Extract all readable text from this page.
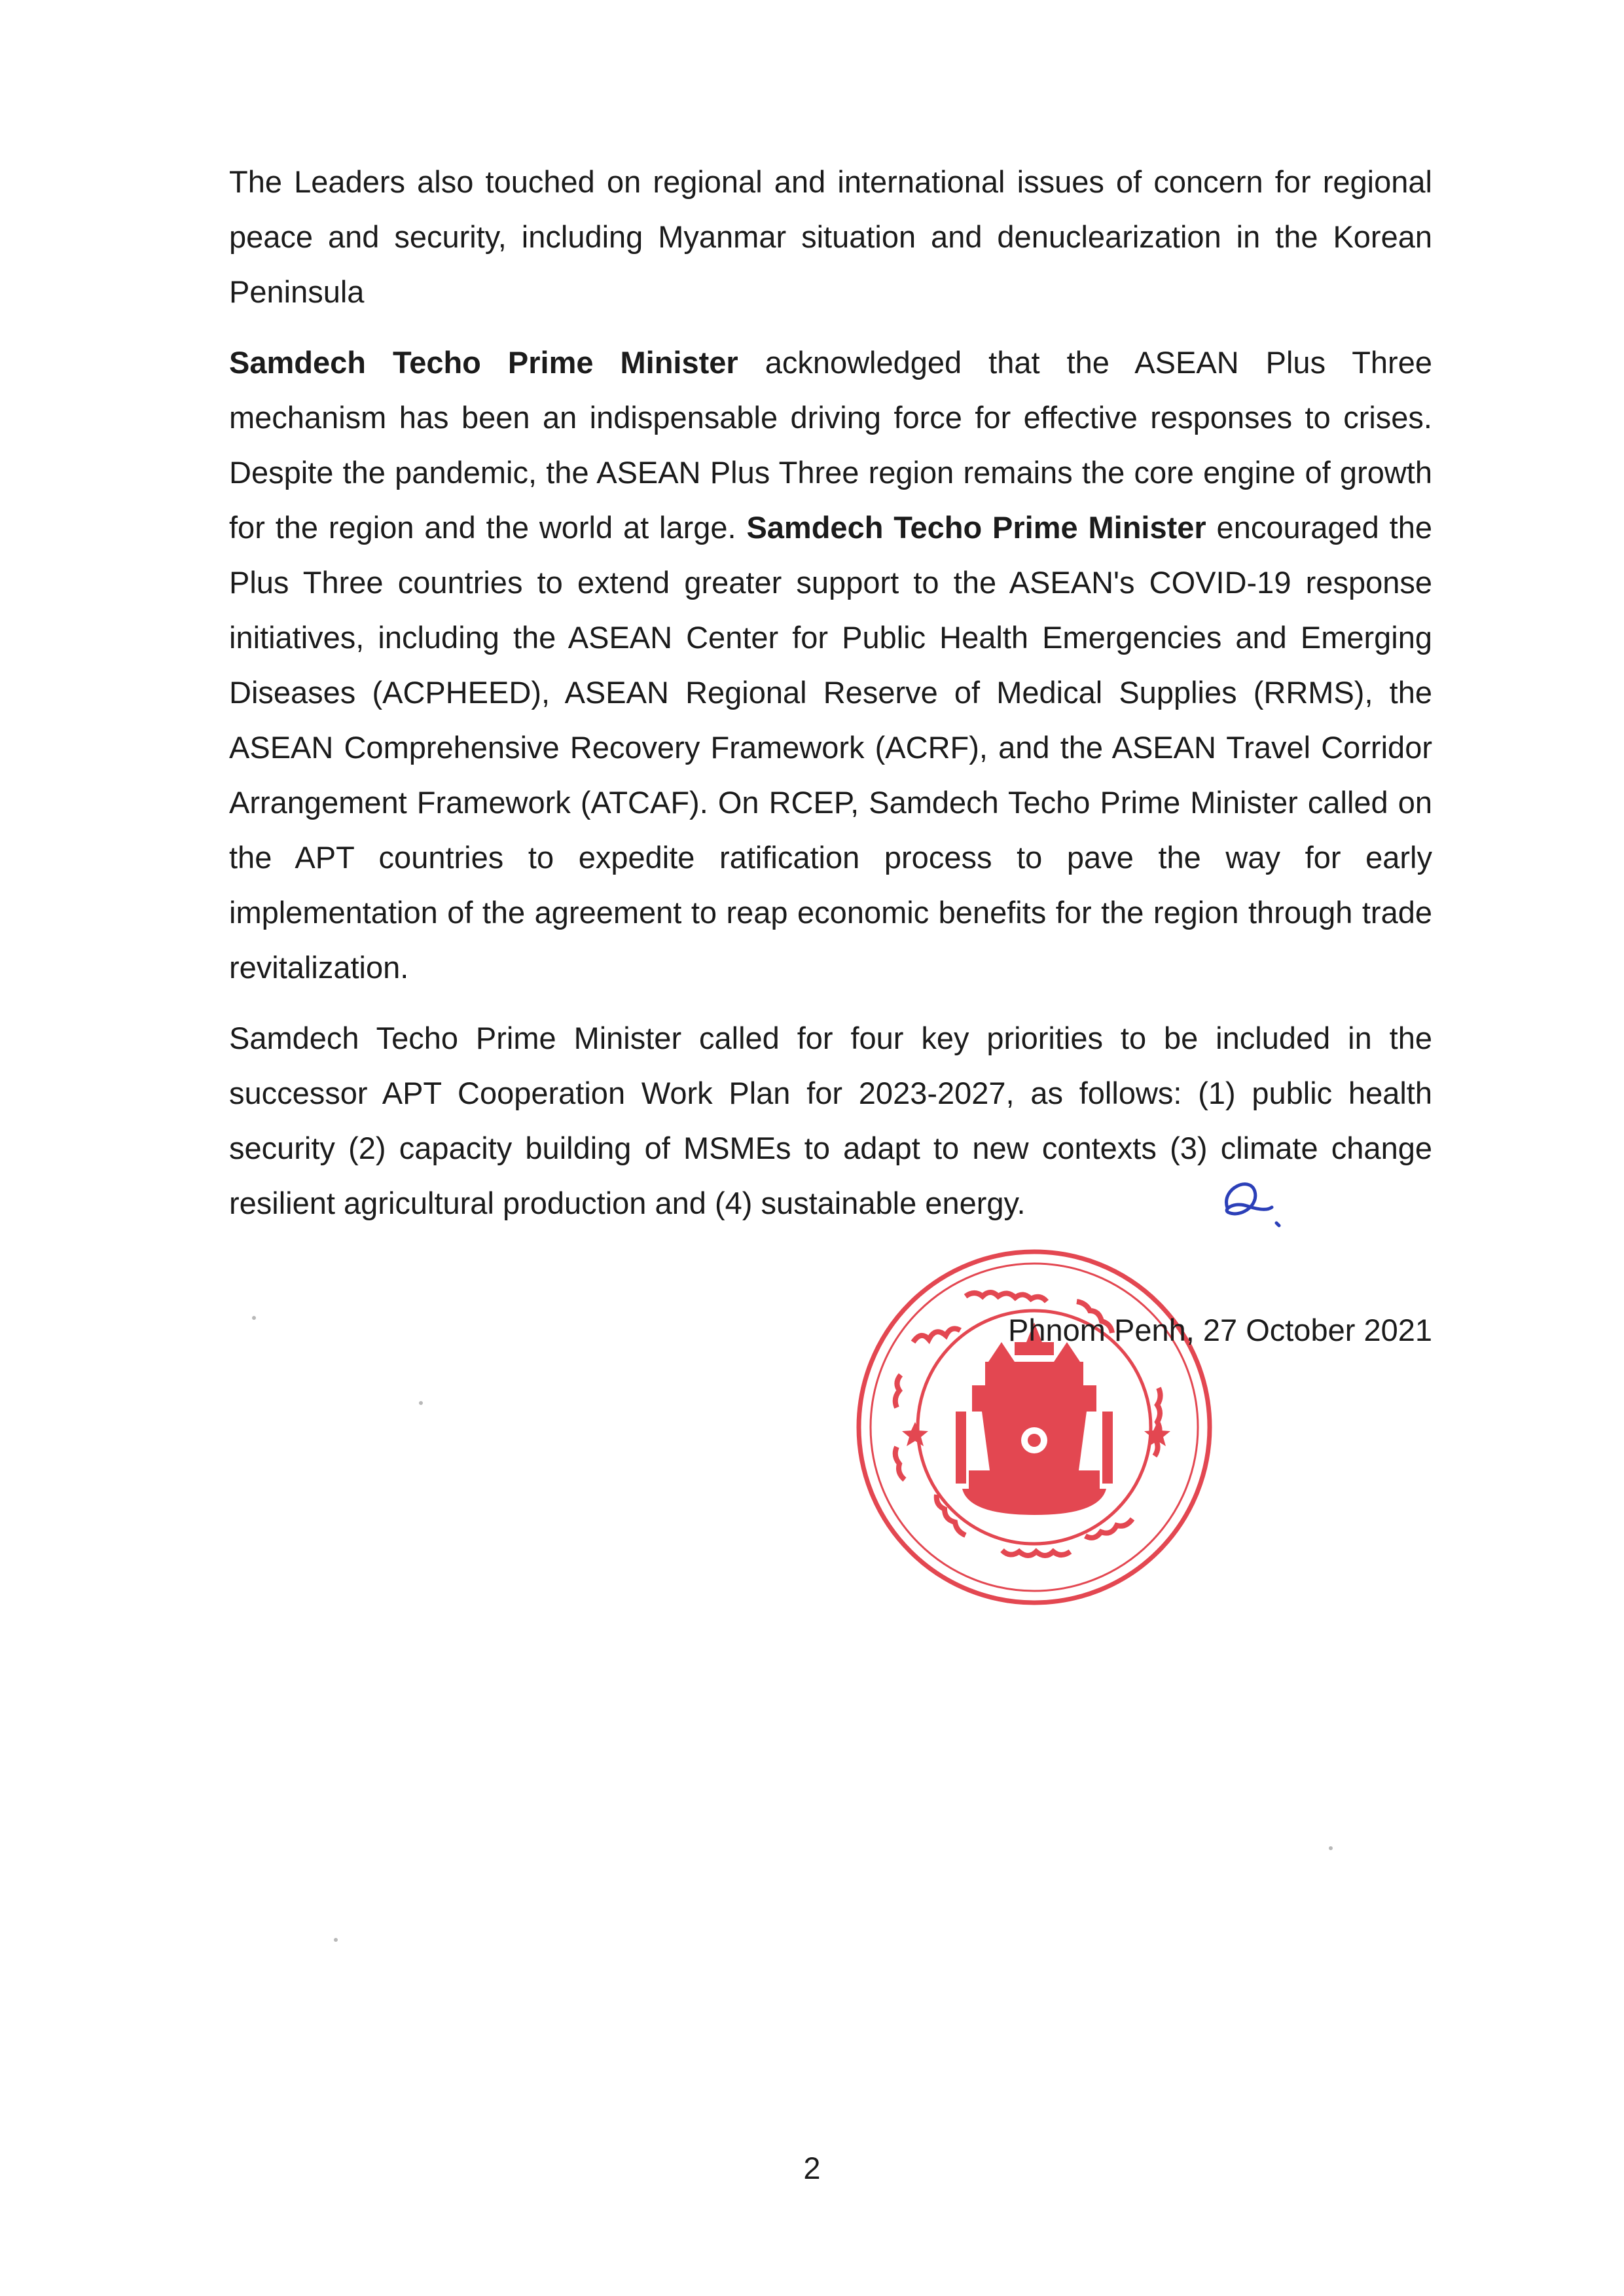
The Leaders also touched on regional and international issues of concern for regional peace and security, including Myanmar situation and denuclearization in the Korean Peninsula

Samdech Techo Prime Minister acknowledged that the ASEAN Plus Three mechanism has been an indispensable driving force for effective responses to crises. Despite the pandemic, the ASEAN Plus Three region remains the core engine of growth for the region and the world at large. Samdech Techo Prime Minister encouraged the Plus Three countries to extend greater support to the ASEAN's COVID-19 response initiatives, including the ASEAN Center for Public Health Emergencies and Emerging Diseases (ACPHEED), ASEAN Regional Reserve of Medical Supplies (RRMS), the ASEAN Comprehensive Recovery Framework (ACRF), and the ASEAN Travel Corridor Arrangement Framework (ATCAF). On RCEP, Samdech Techo Prime Minister called on the APT countries to expedite ratification process to pave the way for early implementation of the agreement to reap economic benefits for the region through trade revitalization.

Samdech Techo Prime Minister called for four key priorities to be included in the successor APT Cooperation Work Plan for 2023-2027, as follows: (1) public health security (2) capacity building of MSMEs to adapt to new contexts (3) climate change resilient agricultural production and (4) sustainable energy.

Phnom Penh, 27 October 2021
2
